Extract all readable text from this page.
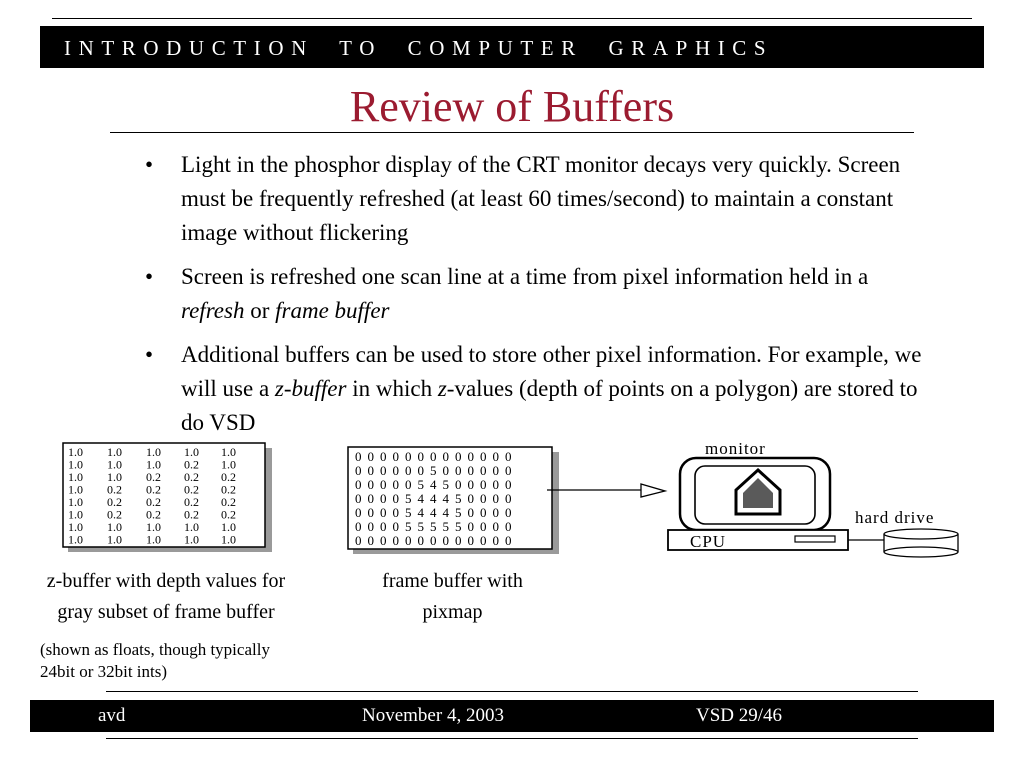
INTRODUCTION  TO  COMPUTER  GRAPHICS
Review of Buffers
• Light in the phosphor display of the CRT monitor decays very quickly. Screen must be frequently refreshed (at least 60 times/second) to maintain a constant image without flickering
• Screen is refreshed one scan line at a time from pixel information held in a refresh or frame buffer
• Additional buffers can be used to store other pixel information. For example, we will use a z-buffer in which z-values (depth of points on a polygon) are stored to do VSD
1.0 1.0 1.0 1.0 1.0
1.0 1.0 1.0 0.2 1.0
1.0 1.0 0.2 0.2 0.2
1.0 0.2 0.2 0.2 0.2
1.0 0.2 0.2 0.2 0.2
1.0 0.2 0.2 0.2 0.2
1.0 1.0 1.0 1.0 1.0
1.0 1.0 1.0 1.0 1.0
0000000000000
0000005000000
0000054500000
0000544450000
0000544450000
0000555550000
0000000000000
monitor
CPU
hard drive
z-buffer with depth values for gray subset of frame buffer
(shown as floats, though typically 24bit or 32bit ints)
frame buffer with pixmap
avd	November 4, 2003	VSD 29/46
